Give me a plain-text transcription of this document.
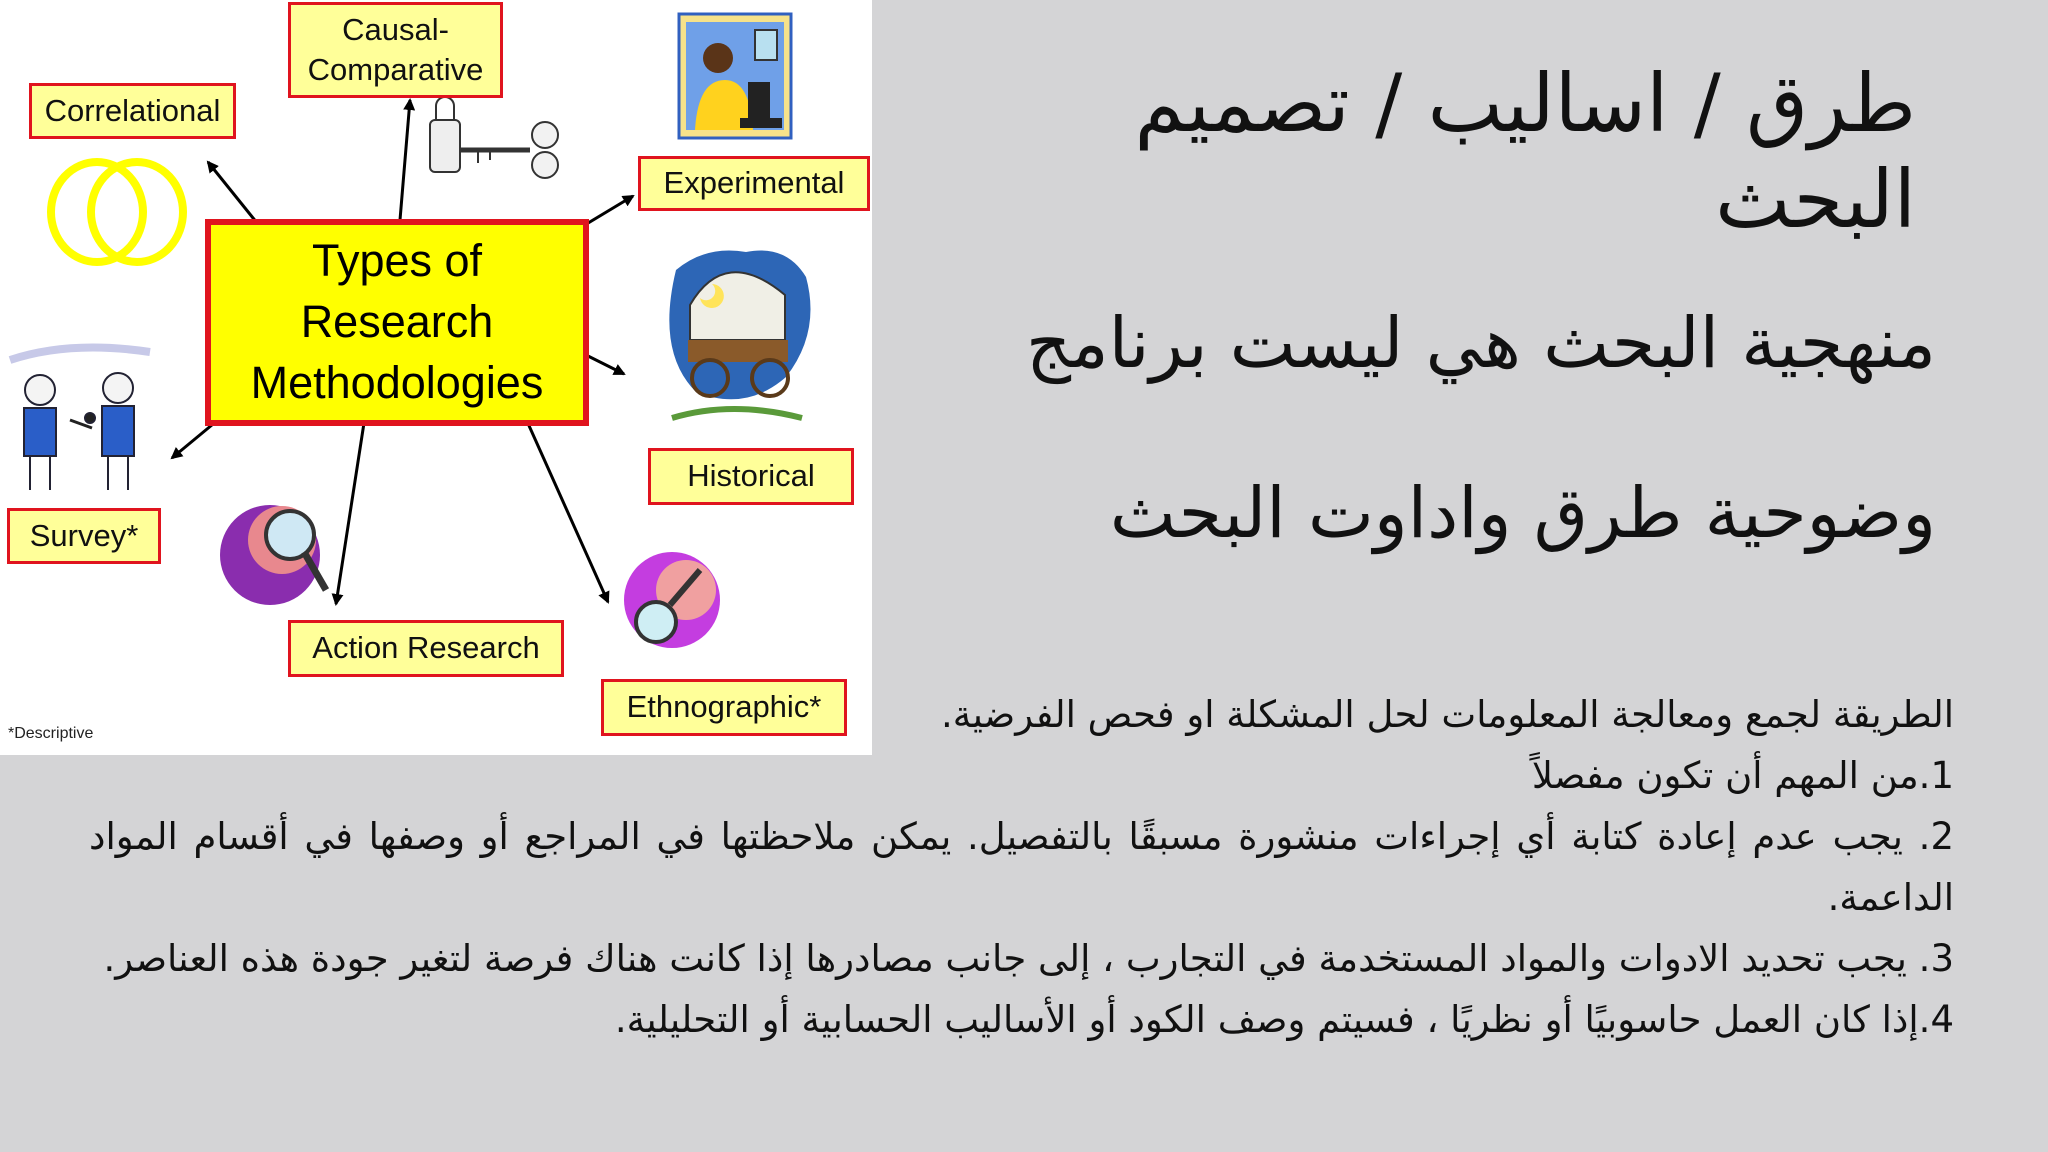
Types of
Research
Methodologies
Correlational
Causal-
Comparative
Experimental
Historical
Survey*
Action Research
Ethnographic*
*Descriptive
طرق / اساليب / تصميم البحث
منهجية البحث هي ليست برنامج
وضوحية طرق واداوت البحث

الطريقة لجمع ومعالجة المعلومات لحل المشكلة او فحص الفرضية.

1.من المهم أن تكون مفصلاً

2. يجب عدم إعادة كتابة أي إجراءات منشورة مسبقًا بالتفصيل. يمكن ملاحظتها في المراجع أو وصفها في أقسام المواد الداعمة.

3. يجب تحديد الادوات والمواد المستخدمة في التجارب ، إلى جانب مصادرها إذا كانت هناك فرصة لتغير جودة هذه العناصر.

4.إذا كان العمل حاسوبيًا أو نظريًا ، فسيتم وصف الكود أو الأساليب الحسابية أو التحليلية.
